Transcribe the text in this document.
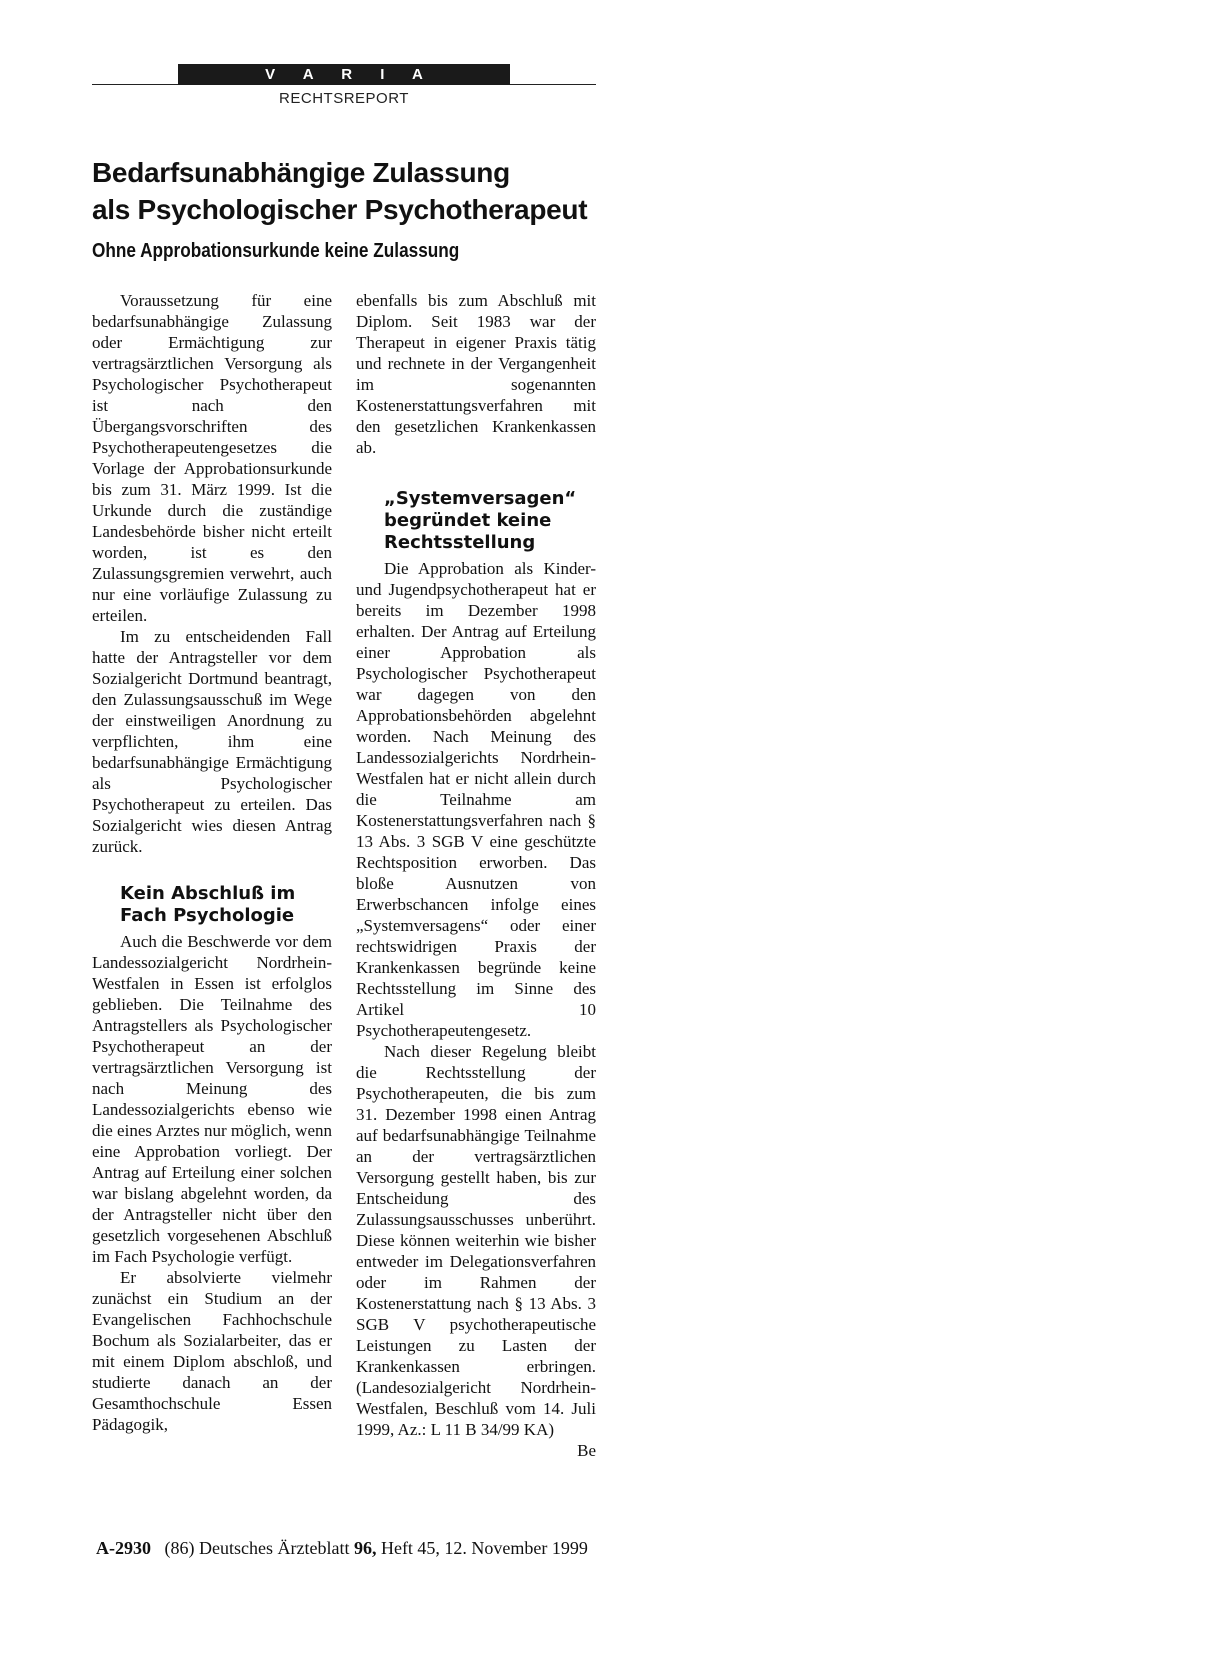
V A R I A
RECHTSREPORT
Bedarfsunabhängige Zulassung
als Psychologischer Psychotherapeut
Ohne Approbationsurkunde keine Zulassung

Voraussetzung für eine bedarfsunabhängige Zulassung oder Ermächtigung zur vertragsärztlichen Versorgung als Psychologischer Psychotherapeut ist nach den Übergangsvorschriften des Psychotherapeutengesetzes die Vorlage der Approbationsurkunde bis zum 31. März 1999. Ist die Urkunde durch die zuständige Landesbehörde bisher nicht erteilt worden, ist es den Zulassungsgremien verwehrt, auch nur eine vorläufige Zulassung zu erteilen.

Im zu entscheidenden Fall hatte der Antragsteller vor dem Sozialgericht Dortmund beantragt, den Zulassungsausschuß im Wege der einstweiligen Anordnung zu verpflichten, ihm eine bedarfsunabhängige Ermächtigung als Psychologischer Psychotherapeut zu erteilen. Das Sozialgericht wies diesen Antrag zurück.

Kein Abschluß im Fach Psychologie

Auch die Beschwerde vor dem Landessozialgericht Nordrhein-Westfalen in Essen ist erfolglos geblieben. Die Teilnahme des Antragstellers als Psychologischer Psychotherapeut an der vertragsärztlichen Versorgung ist nach Meinung des Landessozialgerichts ebenso wie die eines Arztes nur möglich, wenn eine Approbation vorliegt. Der Antrag auf Erteilung einer solchen war bislang abgelehnt worden, da der Antragsteller nicht über den gesetzlich vorgesehenen Abschluß im Fach Psychologie verfügt.

Er absolvierte vielmehr zunächst ein Studium an der Evangelischen Fachhochschule Bochum als Sozialarbeiter, das er mit einem Diplom abschloß, und studierte danach an der Gesamthochschule Essen Pädagogik,

ebenfalls bis zum Abschluß mit Diplom. Seit 1983 war der Therapeut in eigener Praxis tätig und rechnete in der Vergangenheit im sogenannten Kostenerstattungsverfahren mit den gesetzlichen Krankenkassen ab.

„Systemversagen“ begründet keine Rechtsstellung

Die Approbation als Kinder- und Jugendpsychotherapeut hat er bereits im Dezember 1998 erhalten. Der Antrag auf Erteilung einer Approbation als Psychologischer Psychotherapeut war dagegen von den Approbationsbehörden abgelehnt worden. Nach Meinung des Landessozialgerichts Nordrhein-Westfalen hat er nicht allein durch die Teilnahme am Kostenerstattungsverfahren nach § 13 Abs. 3 SGB V eine geschützte Rechtsposition erworben. Das bloße Ausnutzen von Erwerbschancen infolge eines „Systemversagens“ oder einer rechtswidrigen Praxis der Krankenkassen begründe keine Rechtsstellung im Sinne des Artikel 10 Psychotherapeutengesetz.

Nach dieser Regelung bleibt die Rechtsstellung der Psychotherapeuten, die bis zum 31. Dezember 1998 einen Antrag auf bedarfsunabhängige Teilnahme an der vertragsärztlichen Versorgung gestellt haben, bis zur Entscheidung des Zulassungsausschusses unberührt. Diese können weiterhin wie bisher entweder im Delegationsverfahren oder im Rahmen der Kostenerstattung nach § 13 Abs. 3 SGB V psychotherapeutische Leistungen zu Lasten der Krankenkassen erbringen. (Landesozialgericht Nordrhein-Westfalen, Beschluß vom 14. Juli 1999, Az.: L 11 B 34/99 KA)
Be

A-2930 (86) Deutsches Ärzteblatt 96, Heft 45, 12. November 1999
